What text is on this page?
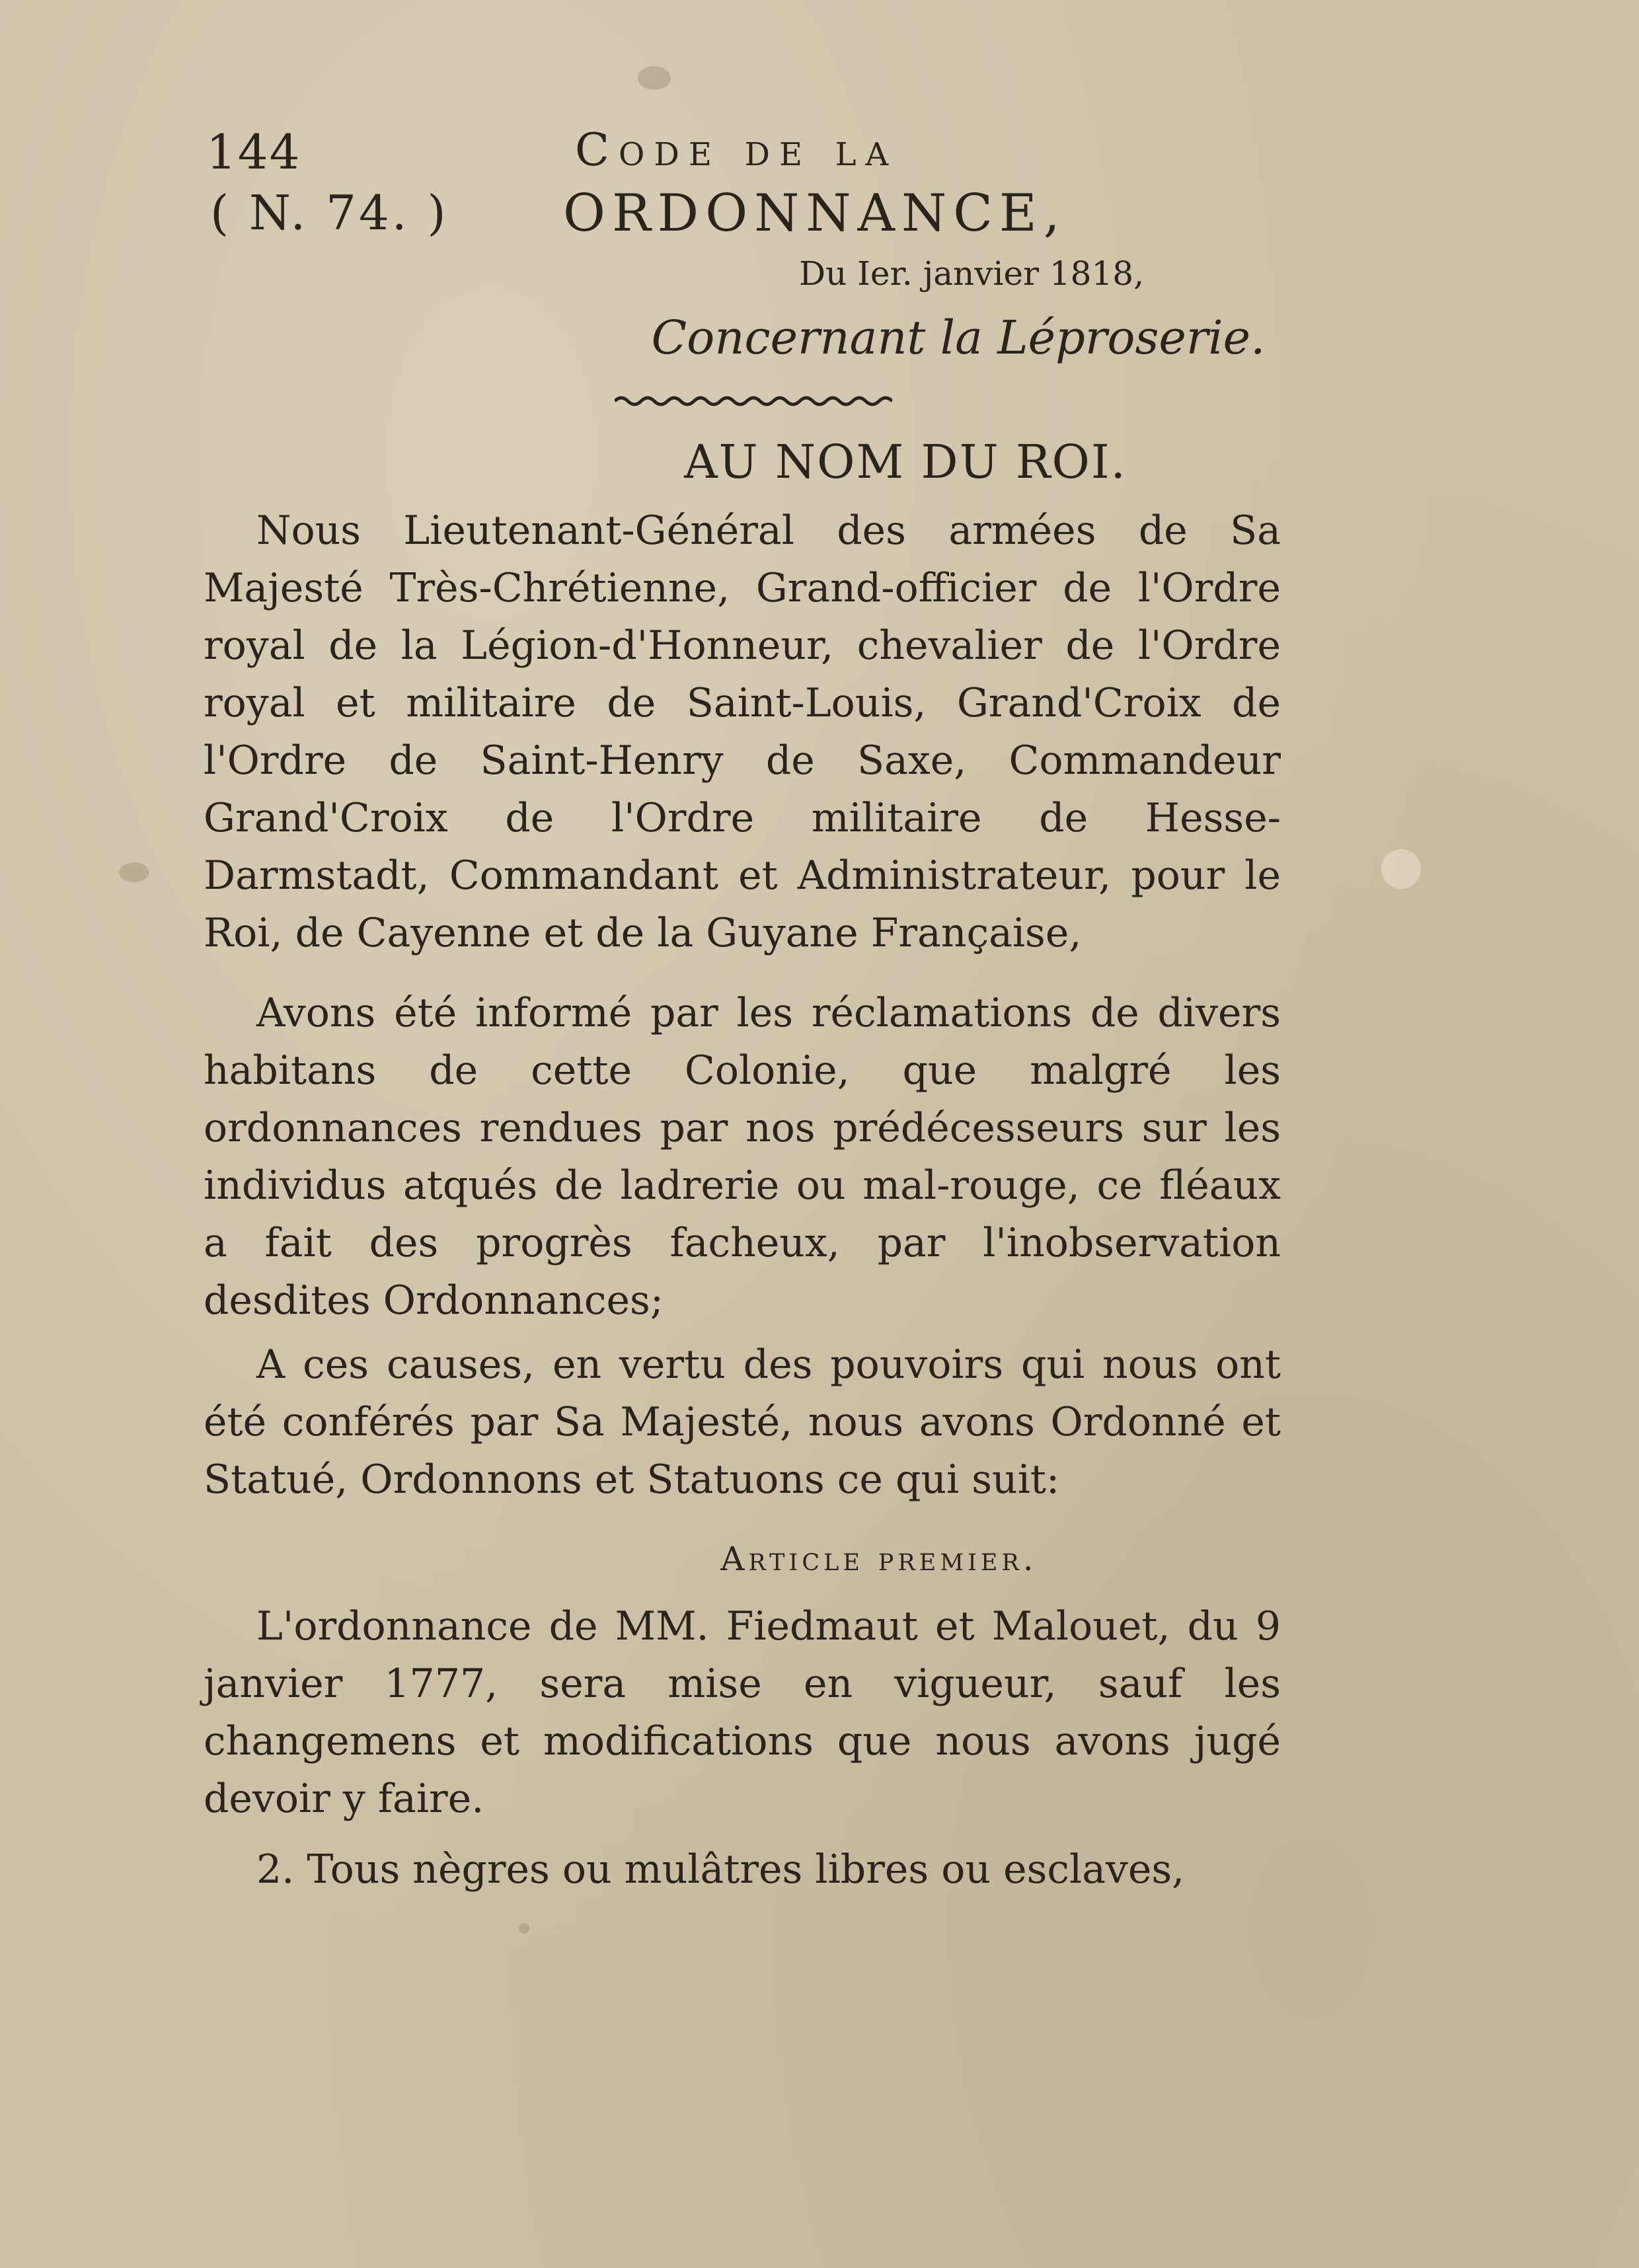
144	Code de la
( N. 74. ) ORDONNANCE,
Du Ier. janvier 1818,
Concernant la Léproserie.
AU NOM DU ROI.

Nous Lieutenant-Général des armées de Sa Majesté Très-Chrétienne, Grand-officier de l'Ordre royal de la Légion-d'Honneur, chevalier de l'Ordre royal et militaire de Saint-Louis, Grand'Croix de l'Ordre de Saint-Henry de Saxe, Commandeur Grand'Croix de l'Ordre militaire de Hesse-Darmstadt, Commandant et Administrateur, pour le Roi, de Cayenne et de la Guyane Française,

Avons été informé par les réclamations de divers habitans de cette Colonie, que malgré les ordonnances rendues par nos prédécesseurs sur les individus atqués de ladrerie ou mal-rouge, ce fléaux a fait des progrès facheux, par l'inobservation desdites Ordonnances;

A ces causes, en vertu des pouvoirs qui nous ont été conférés par Sa Majesté, nous avons Ordonné et Statué, Ordonnons et Statuons ce qui suit:

Article premier.

L'ordonnance de MM. Fiedmaut et Malouet, du 9 janvier 1777, sera mise en vigueur, sauf les changemens et modifications que nous avons jugé devoir y faire.

2. Tous nègres ou mulâtres libres ou esclaves,
